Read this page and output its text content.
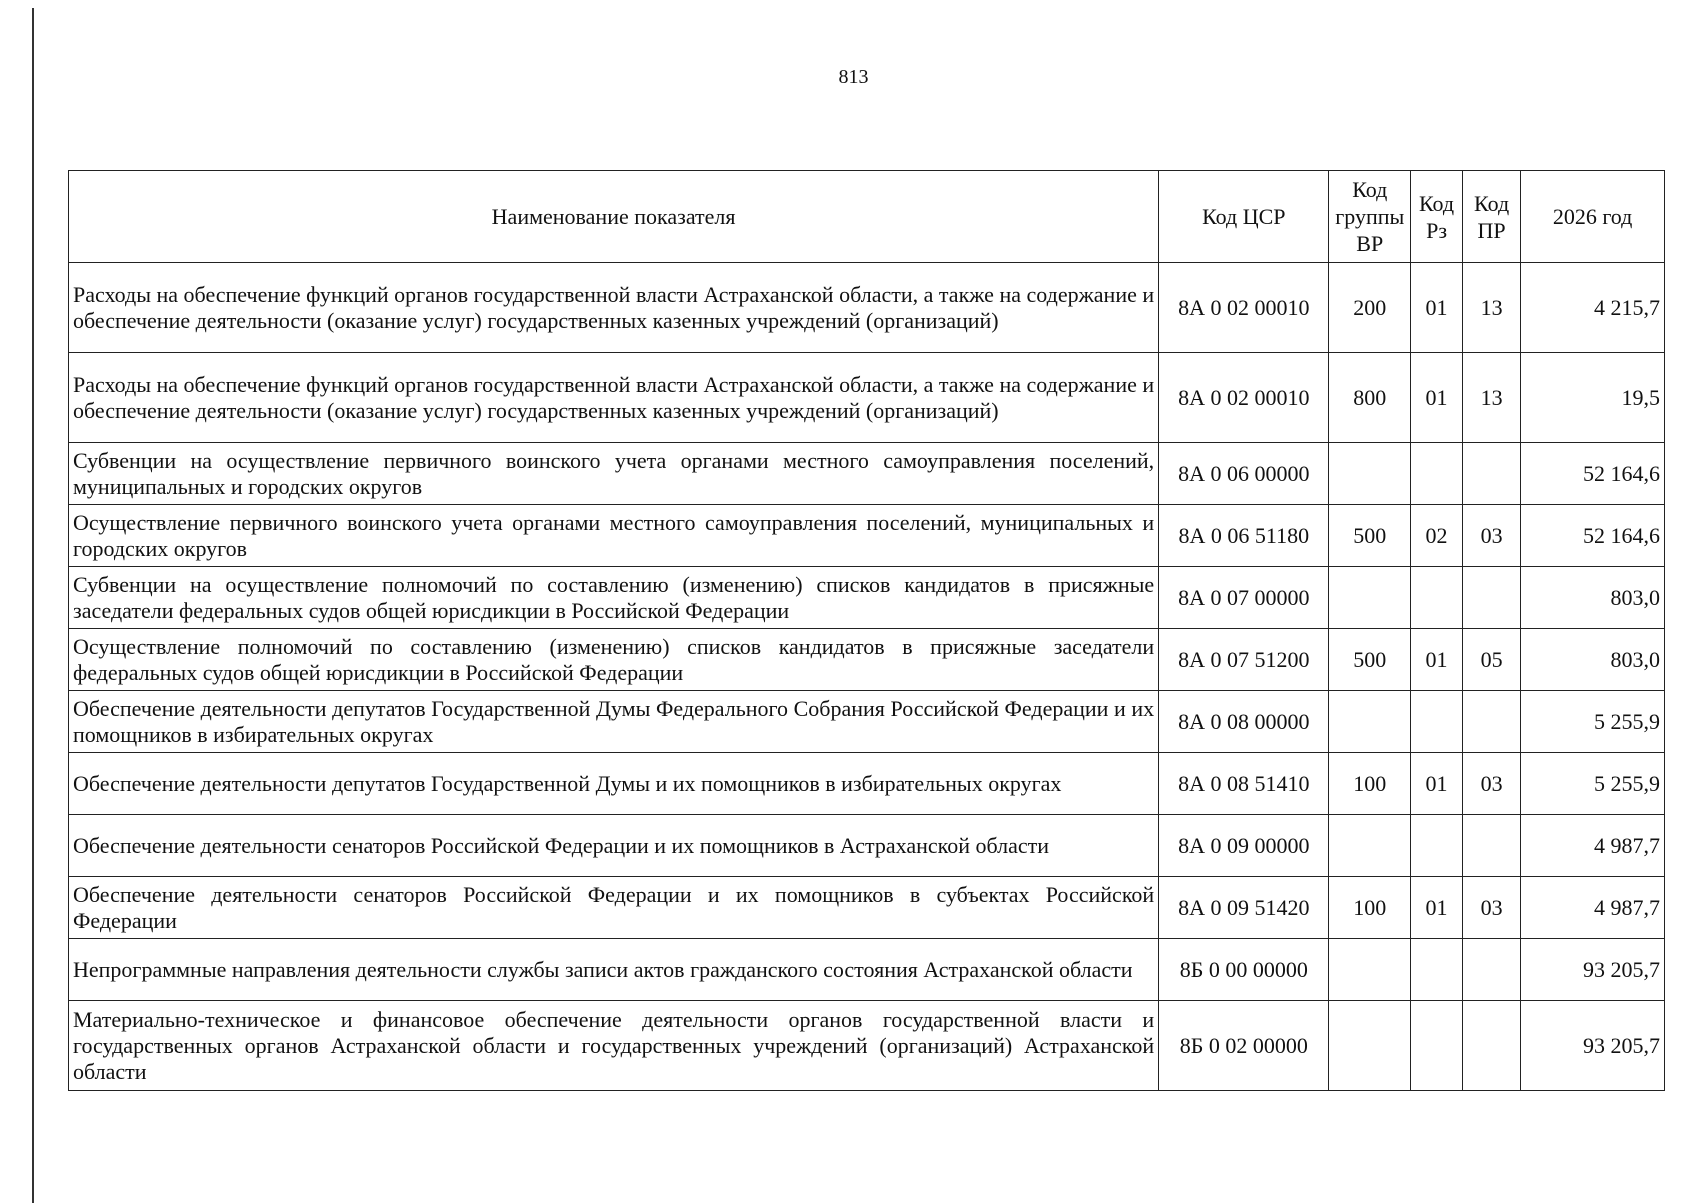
813
Наименование показателя	Код ЦСР	Код группы ВР	Код Рз	Код ПР	2026 год
Расходы на обеспечение функций органов государственной власти Астраханской области, а также на содержание и обеспечение деятельности (оказание услуг) государственных казенных учреждений (организаций)	8А 0 02 00010	200	01	13	4 215,7
Расходы на обеспечение функций органов государственной власти Астраханской области, а также на содержание и обеспечение деятельности (оказание услуг) государственных казенных учреждений (организаций)	8А 0 02 00010	800	01	13	19,5
Субвенции на осуществление первичного воинского учета органами местного самоуправления поселений, муниципальных и городских округов	8А 0 06 00000				52 164,6
Осуществление первичного воинского учета органами местного самоуправления поселений, муниципальных и городских округов	8А 0 06 51180	500	02	03	52 164,6
Субвенции на осуществление полномочий по составлению (изменению) списков кандидатов в присяжные заседатели федеральных судов общей юрисдикции в Российской Федерации	8А 0 07 00000				803,0
Осуществление полномочий по составлению (изменению) списков кандидатов в присяжные заседатели федеральных судов общей юрисдикции в Российской Федерации	8А 0 07 51200	500	01	05	803,0
Обеспечение деятельности депутатов Государственной Думы Федерального Собрания Российской Федерации и их помощников в избирательных округах	8А 0 08 00000				5 255,9
Обеспечение деятельности депутатов Государственной Думы и их помощников в избирательных округах	8А 0 08 51410	100	01	03	5 255,9
Обеспечение деятельности сенаторов Российской Федерации и их помощников в Астраханской области	8А 0 09 00000				4 987,7
Обеспечение деятельности сенаторов Российской Федерации и их помощников в субъектах Российской Федерации	8А 0 09 51420	100	01	03	4 987,7
Непрограммные направления деятельности службы записи актов гражданского состояния Астраханской области	8Б 0 00 00000				93 205,7
Материально-техническое и финансовое обеспечение деятельности органов государственной власти и государственных органов Астраханской области и государственных учреждений (организаций) Астраханской области	8Б 0 02 00000				93 205,7
